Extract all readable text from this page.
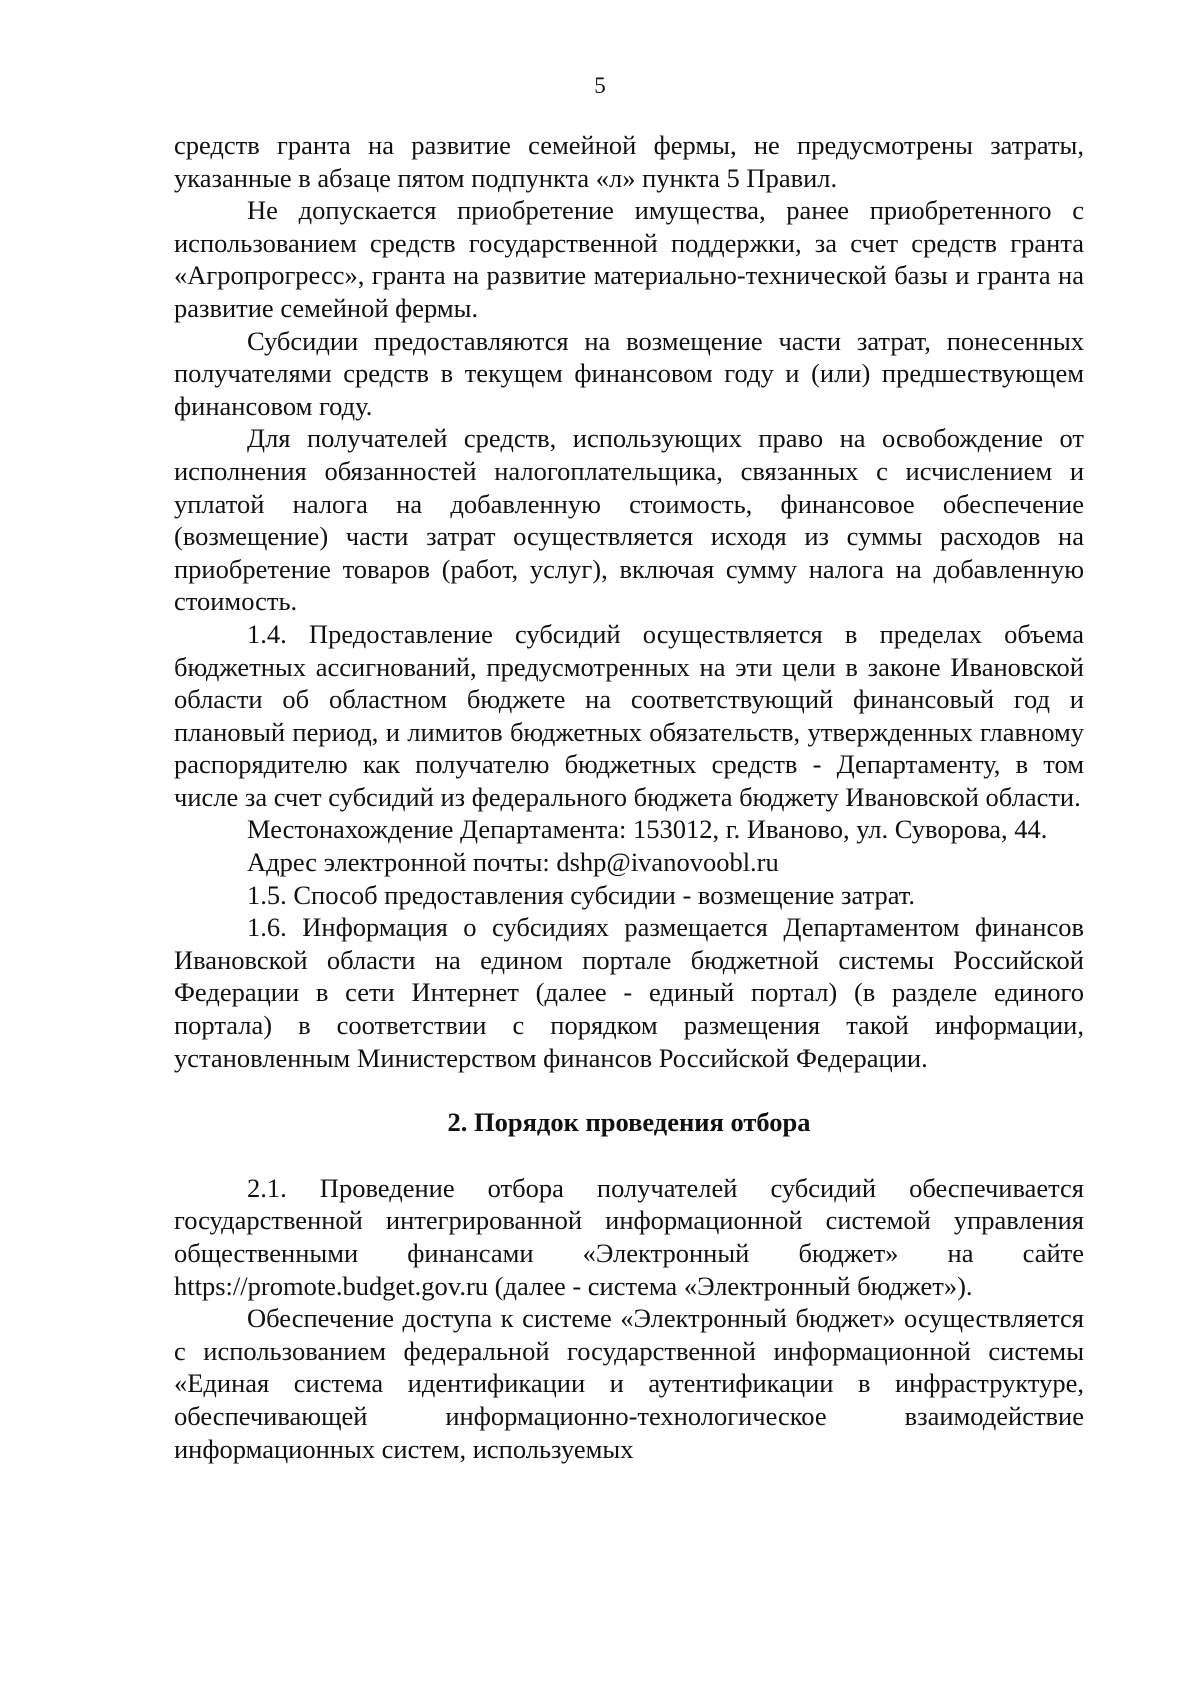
5

средств гранта на развитие семейной фермы, не предусмотрены затраты, указанные в абзаце пятом подпункта «л» пункта 5 Правил.

Не допускается приобретение имущества, ранее приобретенного с использованием средств государственной поддержки, за счет средств гранта «Агропрогресс», гранта на развитие материально-технической базы и гранта на развитие семейной фермы.

Субсидии предоставляются на возмещение части затрат, понесенных получателями средств в текущем финансовом году и (или) предшествующем финансовом году.

Для получателей средств, использующих право на освобождение от исполнения обязанностей налогоплательщика, связанных с исчислением и уплатой налога на добавленную стоимость, финансовое обеспечение (возмещение) части затрат осуществляется исходя из суммы расходов на приобретение товаров (работ, услуг), включая сумму налога на добавленную стоимость.

1.4. Предоставление субсидий осуществляется в пределах объема бюджетных ассигнований, предусмотренных на эти цели в законе Ивановской области об областном бюджете на соответствующий финансовый год и плановый период, и лимитов бюджетных обязательств, утвержденных главному распорядителю как получателю бюджетных средств - Департаменту, в том числе за счет субсидий из федерального бюджета бюджету Ивановской области.

Местонахождение Департамента: 153012, г. Иваново, ул. Суворова, 44.

Адрес электронной почты: dshp@ivanovoobl.ru

1.5. Способ предоставления субсидии - возмещение затрат.

1.6. Информация о субсидиях размещается Департаментом финансов Ивановской области на едином портале бюджетной системы Российской Федерации в сети Интернет (далее - единый портал) (в разделе единого портала) в соответствии с порядком размещения такой информации, установленным Министерством финансов Российской Федерации.

2. Порядок проведения отбора

2.1. Проведение отбора получателей субсидий обеспечивается государственной интегрированной информационной системой управления общественными финансами «Электронный бюджет» на сайте https://promote.budget.gov.ru (далее - система «Электронный бюджет»).

Обеспечение доступа к системе «Электронный бюджет» осуществляется с использованием федеральной государственной информационной системы «Единая система идентификации и аутентификации в инфраструктуре, обеспечивающей информационно-технологическое взаимодействие информационных систем, используемых
